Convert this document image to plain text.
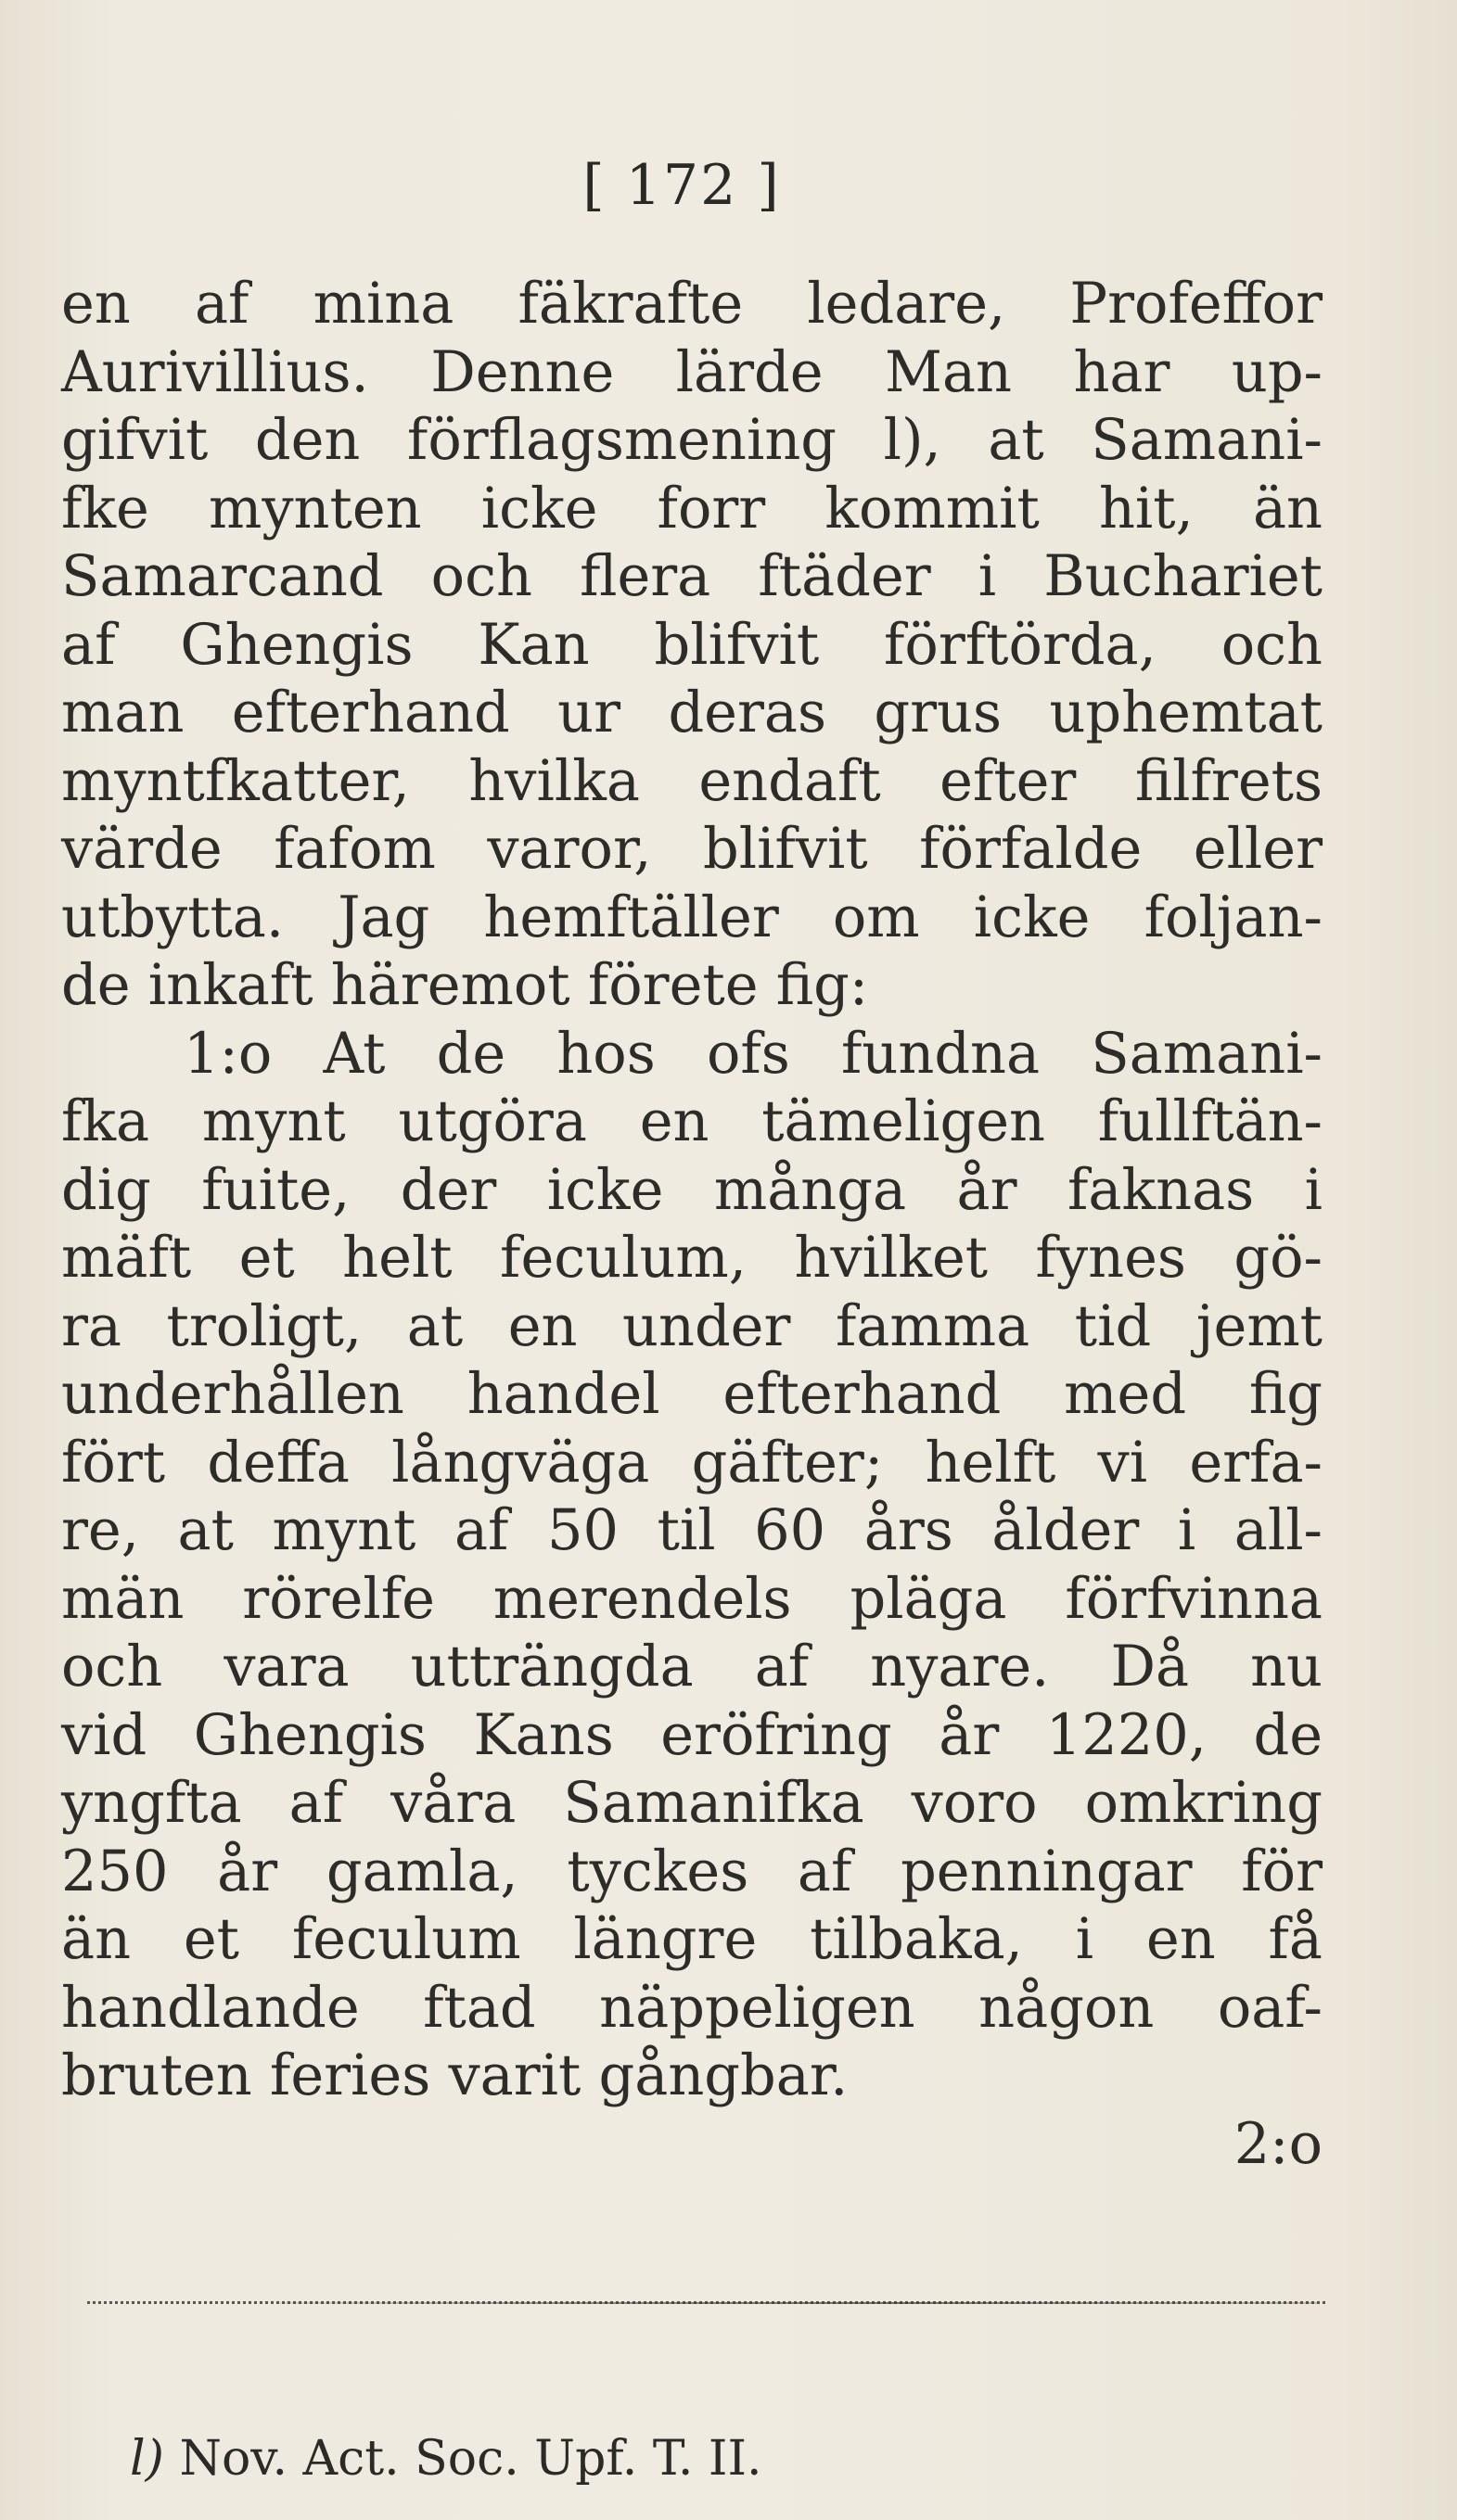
[ 172 ]
en af mina fäkrafte ledare, Profeffor
Aurivillius. Denne lärde Man har up-
gifvit den förflagsmening l), at Samani-
fke mynten icke forr kommit hit, än
Samarcand och flera ftäder i Buchariet
af Ghengis Kan blifvit förftörda, och
man efterhand ur deras grus uphemtat
myntfkatter, hvilka endaft efter filfrets
värde fafom varor, blifvit förfalde eller
utbytta. Jag hemftäller om icke foljan-
de inkaft häremot förete fig:
1:o At de hos ofs fundna Samani-
fka mynt utgöra en tämeligen fullftän-
dig fuite, der icke många år faknas i
mäft et helt feculum, hvilket fynes gö-
ra troligt, at en under famma tid jemt
underhållen handel efterhand med fig
fört deffa långväga gäfter; helft vi erfa-
re, at mynt af 50 til 60 års ålder i all-
män rörelfe merendels pläga förfvinna
och vara utträngda af nyare. Då nu
vid Ghengis Kans eröfring år 1220, de
yngfta af våra Samanifka voro omkring
250 år gamla, tyckes af penningar för
än et feculum längre tilbaka, i en få
handlande ftad näppeligen någon oaf-
bruten feries varit gångbar.
2:o
l) Nov. Act. Soc. Upf. T. II.
